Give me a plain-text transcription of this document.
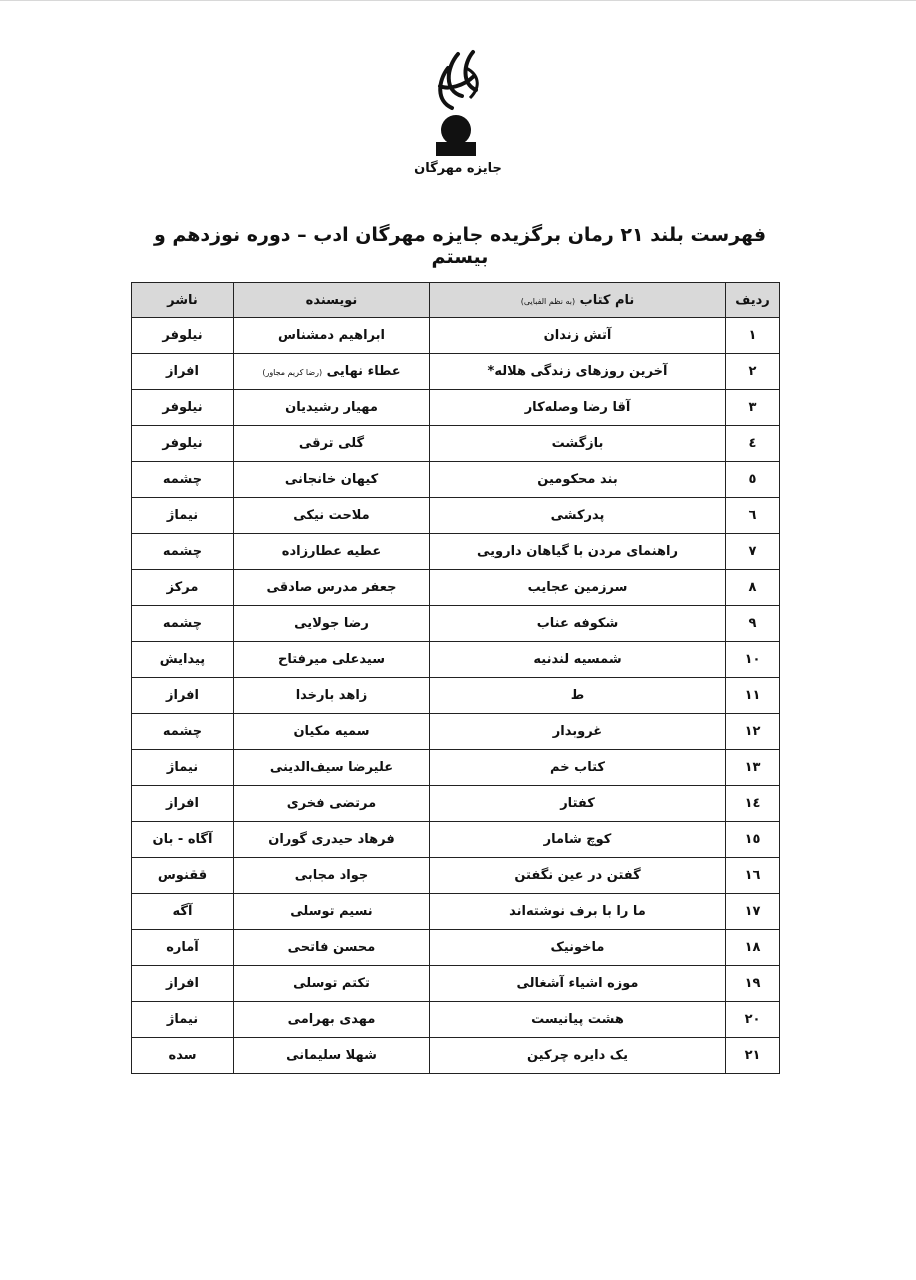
جایزه مهرگان
فهرست بلند ۲۱ رمان برگزیده جایزه مهرگان ادب – دوره نوزدهم و بیستم
ردیف	نام کتاب (به نظم الفبایی)	نویسنده	ناشر
۱	آتش زندان	ابراهیم دمشناس	نیلوفر
۲	آخرین روزهای زندگی هلاله*	عطاء نهایی (رضا کریم مجاور)	افراز
۳	آقا رضا وصله‌کار	مهیار رشیدیان	نیلوفر
٤	بازگشت	گلی ترقی	نیلوفر
٥	بند محکومین	کیهان خانجانی	چشمه
٦	پدرکشی	ملاحت نیکی	نیماژ
۷	راهنمای مردن با گیاهان دارویی	عطیه عطارزاده	چشمه
۸	سرزمین عجایب	جعفر مدرس صادقی	مرکز
۹	شکوفه عناب	رضا جولایی	چشمه
۱۰	شمسیه لندنیه	سیدعلی میرفتاح	پیدایش
۱۱	ط	زاهد بارخدا	افراز
۱۲	غروبدار	سمیه مکیان	چشمه
۱۳	کتاب خم	علیرضا سیف‌الدینی	نیماژ
۱٤	کفتار	مرتضی فخری	افراز
۱٥	کوچ شامار	فرهاد حیدری گوران	آگاه - بان
۱٦	گفتن در عین نگفتن	جواد مجابی	ققنوس
۱۷	ما را با برف نوشته‌اند	نسیم توسلی	آگه
۱۸	ماخونیک	محسن فاتحی	آماره
۱۹	موزه اشیاء آشغالی	تکتم توسلی	افراز
۲۰	هشت پیانیست	مهدی بهرامی	نیماژ
۲۱	یک دایره چرکین	شهلا سلیمانی	سده
